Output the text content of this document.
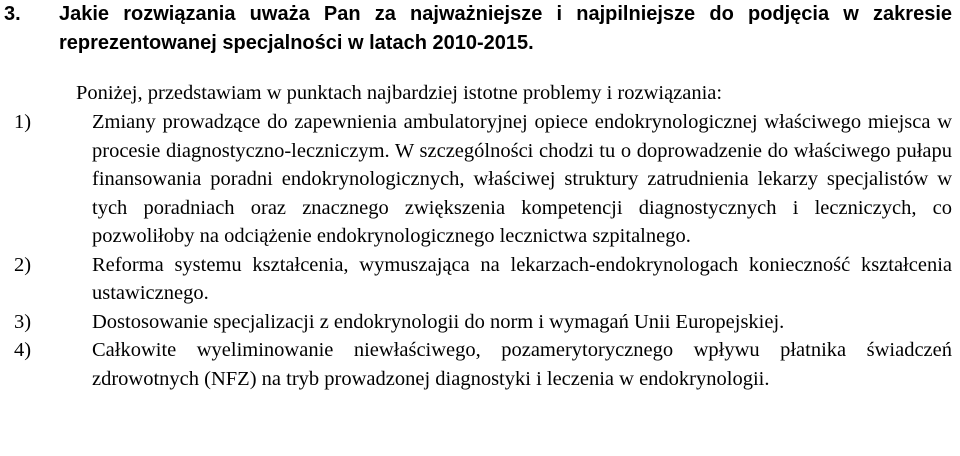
3. Jakie rozwiązania uważa Pan za najważniejsze i najpilniejsze do podjęcia w zakresie reprezentowanej specjalności w latach 2010-2015.
Poniżej, przedstawiam w punktach najbardziej istotne problemy i rozwiązania:
1)	Zmiany prowadzące do zapewnienia ambulatoryjnej opiece endokrynologicznej właściwego miejsca w procesie diagnostyczno-leczniczym. W szczególności chodzi tu o doprowadzenie do właściwego pułapu finansowania poradni endokrynologicznych, właściwej struktury zatrudnienia lekarzy specjalistów w tych poradniach oraz znacznego zwiększenia kompetencji diagnostycznych i leczniczych, co pozwoliłoby na odciążenie endokrynologicznego lecznictwa szpitalnego.
2)	Reforma systemu kształcenia, wymuszająca na lekarzach-endokrynologach konieczność kształcenia ustawicznego.
3)	Dostosowanie specjalizacji z endokrynologii do norm i wymagań Unii Europejskiej.
4)	Całkowite wyeliminowanie niewłaściwego, pozamerytorycznego wpływu płatnika świadczeń zdrowotnych (NFZ) na tryb prowadzonej diagnostyki i leczenia w endokrynologii.
